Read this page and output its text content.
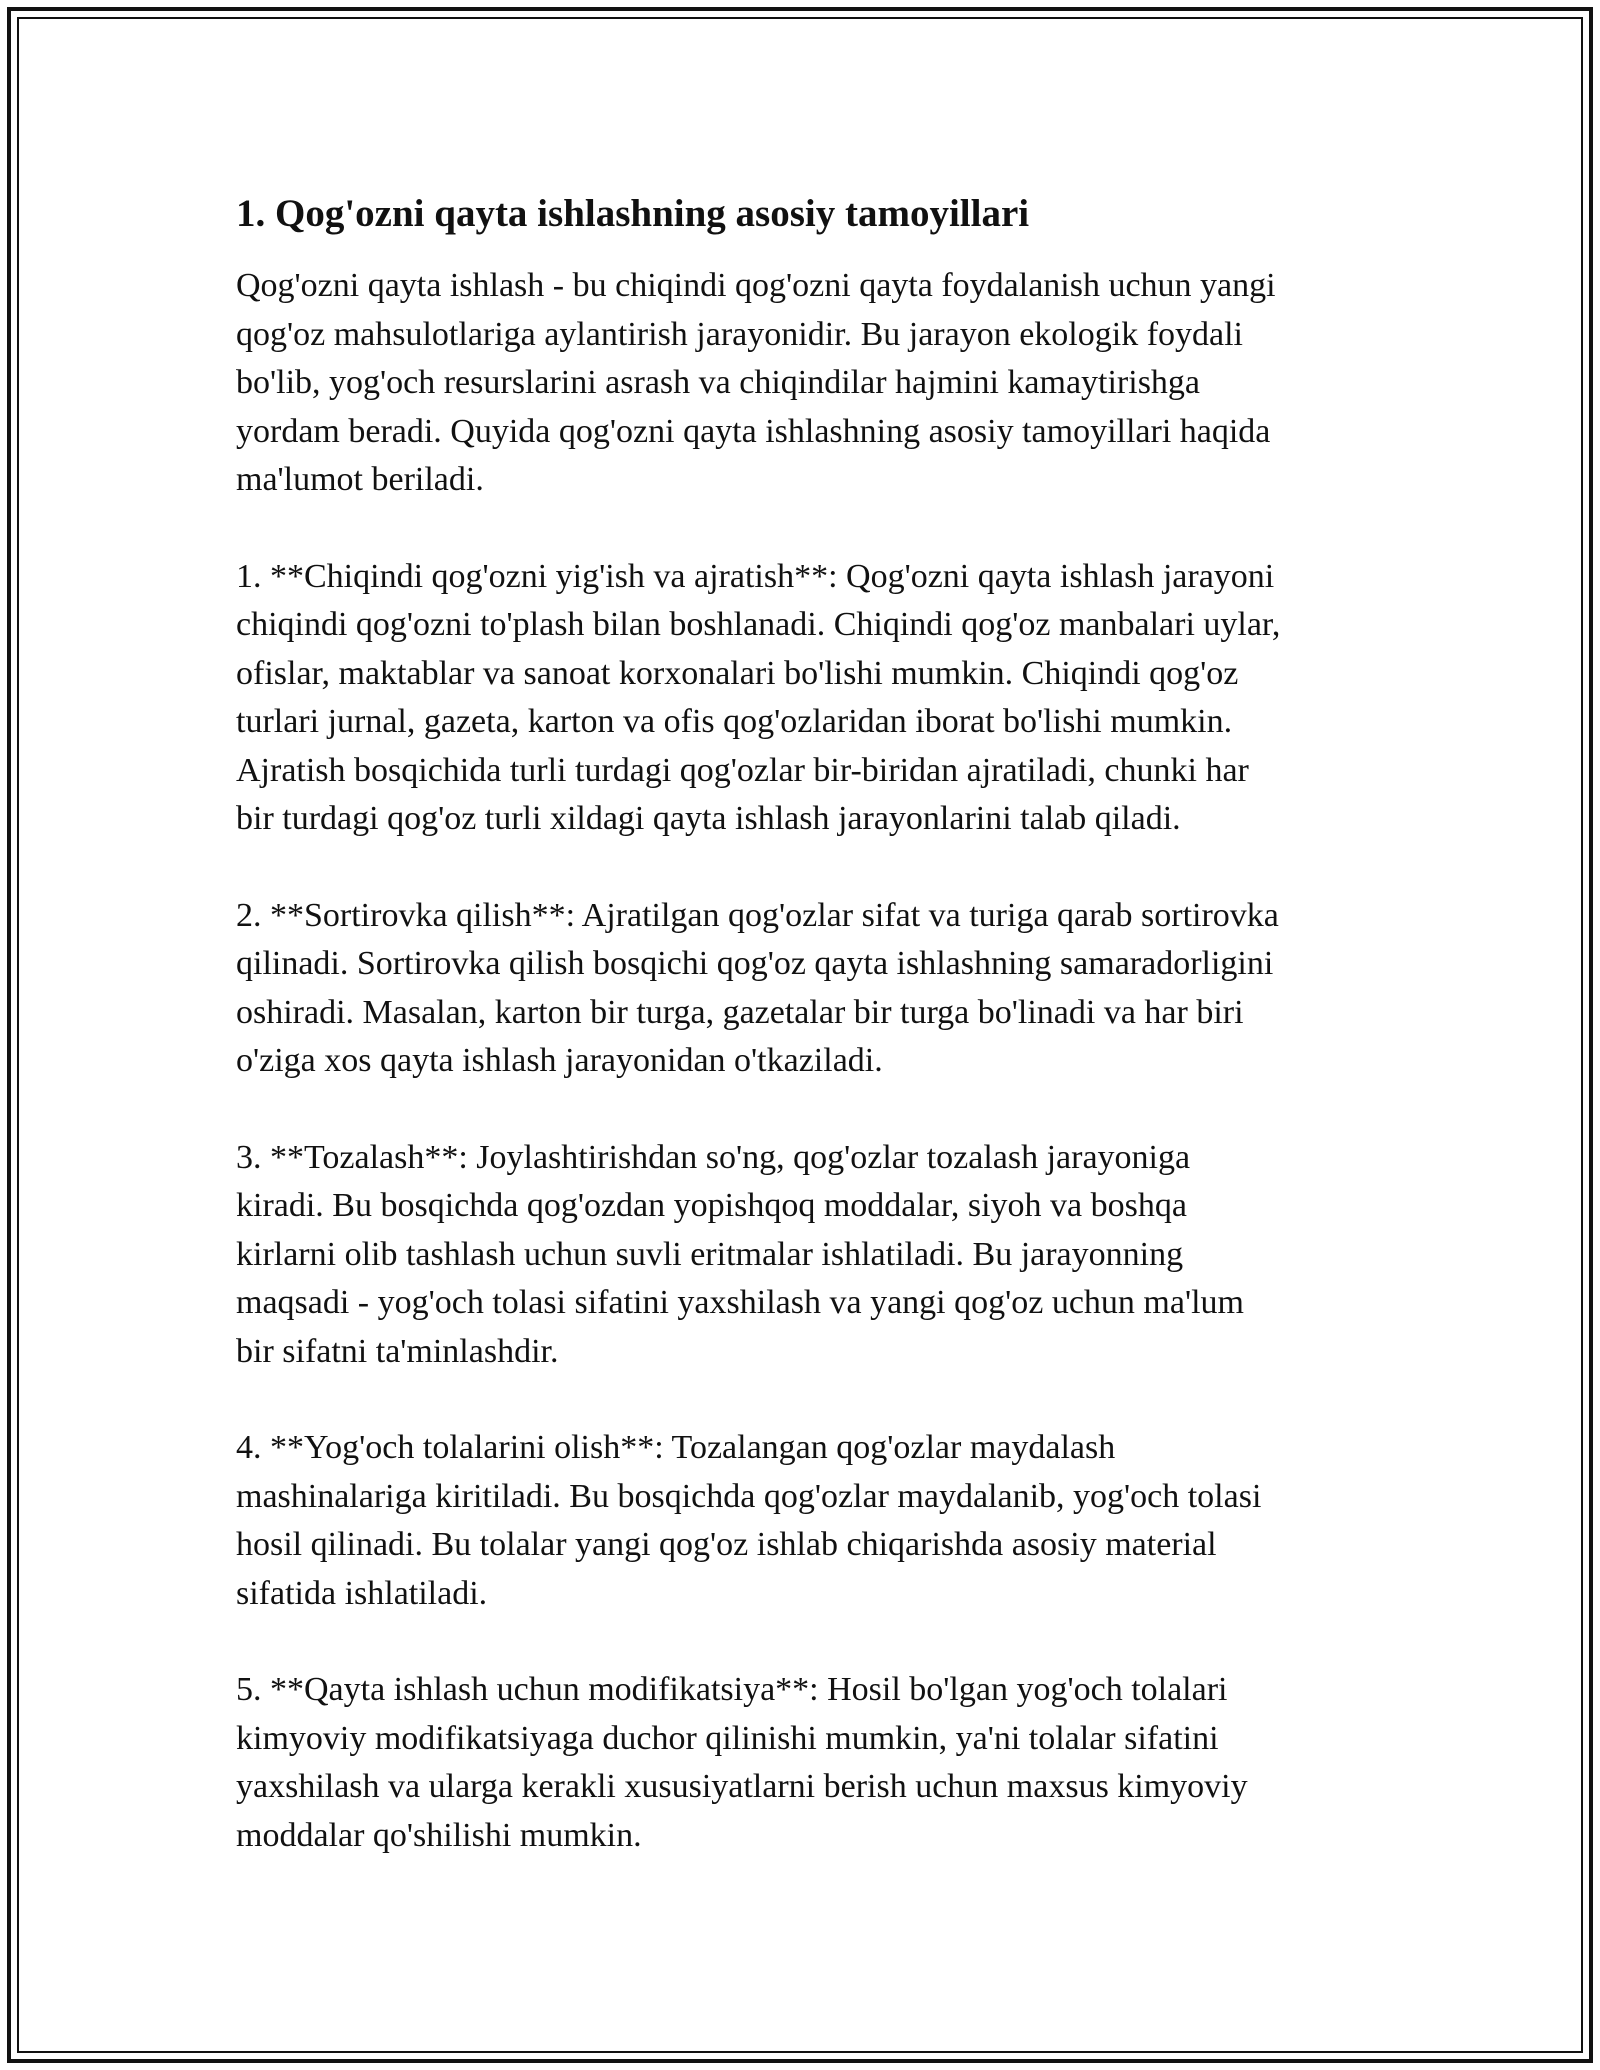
1. Qog'ozni qayta ishlashning asosiy tamoyillari

Qog'ozni qayta ishlash - bu chiqindi qog'ozni qayta foydalanish uchun yangi
qog'oz mahsulotlariga aylantirish jarayonidir. Bu jarayon ekologik foydali
bo'lib, yog'och resurslarini asrash va chiqindilar hajmini kamaytirishga
yordam beradi. Quyida qog'ozni qayta ishlashning asosiy tamoyillari haqida
ma'lumot beriladi.

1. **Chiqindi qog'ozni yig'ish va ajratish**: Qog'ozni qayta ishlash jarayoni
chiqindi qog'ozni to'plash bilan boshlanadi. Chiqindi qog'oz manbalari uylar,
ofislar, maktablar va sanoat korxonalari bo'lishi mumkin. Chiqindi qog'oz
turlari jurnal, gazeta, karton va ofis qog'ozlaridan iborat bo'lishi mumkin.
Ajratish bosqichida turli turdagi qog'ozlar bir-biridan ajratiladi, chunki har
bir turdagi qog'oz turli xildagi qayta ishlash jarayonlarini talab qiladi.

2. **Sortirovka qilish**: Ajratilgan qog'ozlar sifat va turiga qarab sortirovka
qilinadi. Sortirovka qilish bosqichi qog'oz qayta ishlashning samaradorligini
oshiradi. Masalan, karton bir turga, gazetalar bir turga bo'linadi va har biri
o'ziga xos qayta ishlash jarayonidan o'tkaziladi.

3. **Tozalash**: Joylashtirishdan so'ng, qog'ozlar tozalash jarayoniga
kiradi. Bu bosqichda qog'ozdan yopishqoq moddalar, siyoh va boshqa
kirlarni olib tashlash uchun suvli eritmalar ishlatiladi. Bu jarayonning
maqsadi - yog'och tolasi sifatini yaxshilash va yangi qog'oz uchun ma'lum
bir sifatni ta'minlashdir.

4. **Yog'och tolalarini olish**: Tozalangan qog'ozlar maydalash
mashinalariga kiritiladi. Bu bosqichda qog'ozlar maydalanib, yog'och tolasi
hosil qilinadi. Bu tolalar yangi qog'oz ishlab chiqarishda asosiy material
sifatida ishlatiladi.

5. **Qayta ishlash uchun modifikatsiya**: Hosil bo'lgan yog'och tolalari
kimyoviy modifikatsiyaga duchor qilinishi mumkin, ya'ni tolalar sifatini
yaxshilash va ularga kerakli xususiyatlarni berish uchun maxsus kimyoviy
moddalar qo'shilishi mumkin.
